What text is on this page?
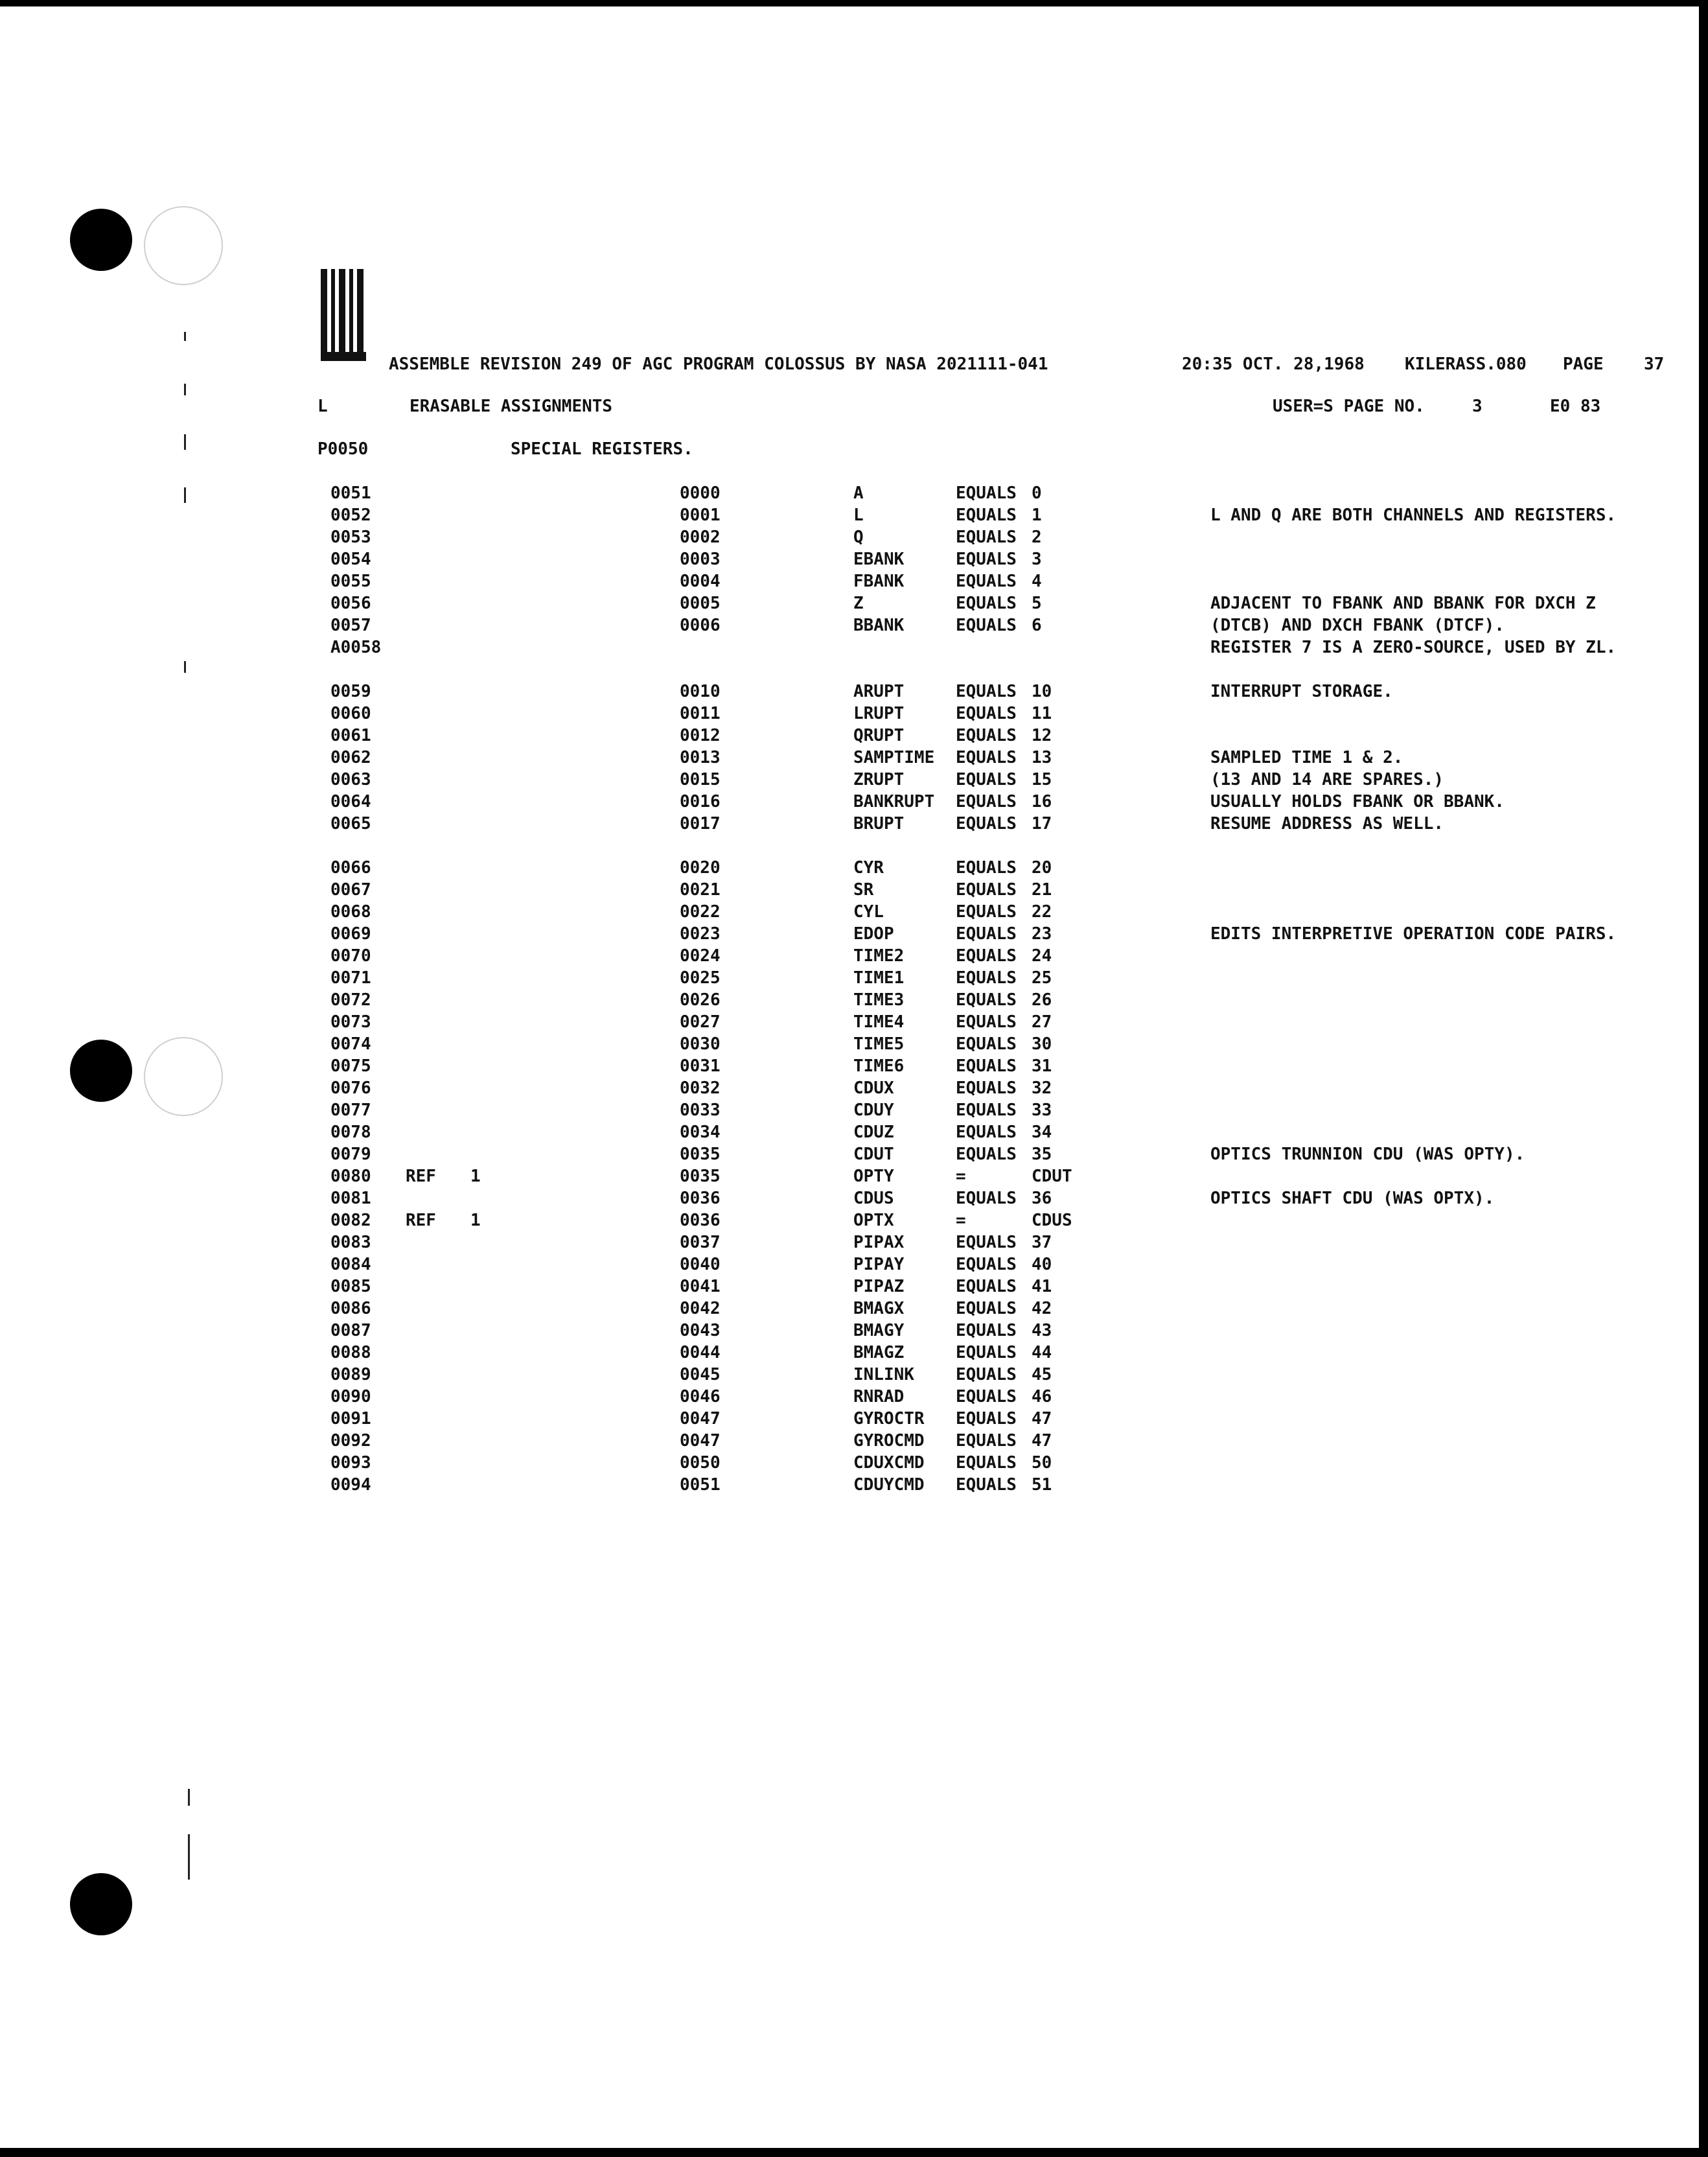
ASSEMBLE REVISION 249 OF AGC PROGRAM COLOSSUS BY NASA 2021111-041	20:35 OCT. 28,1968 KILERASS.080 PAGE 37
L	ERASABLE ASSIGNMENTS	USER=S PAGE NO.	3	E0 83
P0050	SPECIAL REGISTERS.
0051	0000	A	EQUALS 0
0052	0001	L	EQUALS 1	L AND Q ARE BOTH CHANNELS AND REGISTERS.
0053	0002	Q	EQUALS 2
0054	0003	EBANK	EQUALS 3
0055	0004	FBANK	EQUALS 4
0056	0005	Z	EQUALS 5	ADJACENT TO FBANK AND BBANK FOR DXCH Z
0057	0006	BBANK	EQUALS 6	(DTCB) AND DXCH FBANK (DTCF).
A0058	REGISTER 7 IS A ZERO-SOURCE, USED BY ZL.
0059	0010	ARUPT	EQUALS 10	INTERRUPT STORAGE.
0060	0011	LRUPT	EQUALS 11
0061	0012	QRUPT	EQUALS 12
0062	0013	SAMPTIME EQUALS 13	SAMPLED TIME 1 & 2.
0063	0015	ZRUPT	EQUALS 15	(13 AND 14 ARE SPARES.)
0064	0016	BANKRUPT EQUALS 16	USUALLY HOLDS FBANK OR BBANK.
0065	0017	BRUPT	EQUALS 17	RESUME ADDRESS AS WELL.
0066	0020	CYR	EQUALS 20
0067	0021	SR	EQUALS 21
0068	0022	CYL	EQUALS 22
0069	0023	EDOP	EQUALS 23	EDITS INTERPRETIVE OPERATION CODE PAIRS.
0070	0024	TIME2	EQUALS 24
0071	0025	TIME1	EQUALS 25
0072	0026	TIME3	EQUALS 26
0073	0027	TIME4	EQUALS 27
0074	0030	TIME5	EQUALS 30
0075	0031	TIME6	EQUALS 31
0076	0032	CDUX	EQUALS 32
0077	0033	CDUY	EQUALS 33
0078	0034	CDUZ	EQUALS 34
0079	0035	CDUT	EQUALS 35	OPTICS TRUNNION CDU (WAS OPTY).
0080 REF 1	0035	OPTY	=	CDUT
0081	0036	CDUS	EQUALS 36	OPTICS SHAFT CDU (WAS OPTX).
0082 REF 1	0036	OPTX	=	CDUS
0083	0037	PIPAX	EQUALS 37
0084	0040	PIPAY	EQUALS 40
0085	0041	PIPAZ	EQUALS 41
0086	0042	BMAGX	EQUALS 42
0087	0043	BMAGY	EQUALS 43
0088	0044	BMAGZ	EQUALS 44
0089	0045	INLINK EQUALS 45
0090	0046	RNRAD	EQUALS 46
0091	0047	GYROCTR EQUALS 47
0092	0047	GYROCMD EQUALS 47
0093	0050	CDUXCMD EQUALS 50
0094	0051	CDUYCMD EQUALS 51
